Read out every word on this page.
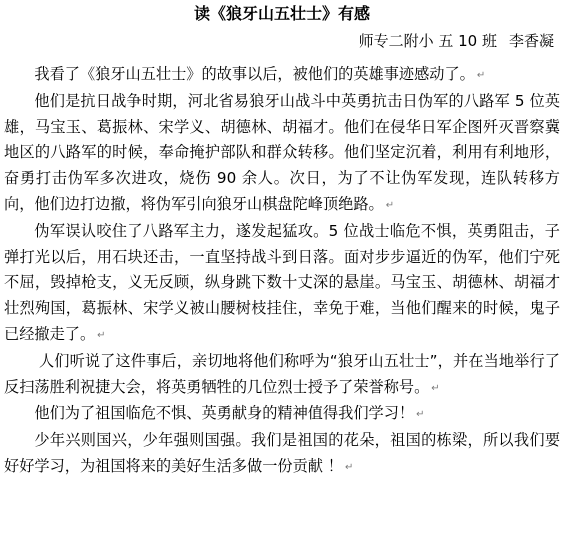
读《狼牙山五壮士》有感
师专二附小 五 10 班 李香凝

我看了《狼牙山五壮士》的故事以后，被他们的英雄事迹感动了。 ↵

他们是抗日战争时期，河北省易狼牙山战斗中英勇抗击日伪军的八路军 5 位英雄，马宝玉、葛振林、宋学义、胡德林、胡福才。他们在侵华日军企图歼灭晋察冀地区的八路军的时候，奉命掩护部队和群众转移。他们坚定沉着，利用有利地形，奋勇打击伪军多次进攻，烧伤 90 余人。次日，为了不让伪军发现，连队转移方向，他们边打边撤，将伪军引向狼牙山棋盘陀峰顶绝路。 ↵

伪军误认咬住了八路军主力，遂发起猛攻。5 位战士临危不惧，英勇阻击，子弹打光以后，用石块还击，一直坚持战斗到日落。面对步步逼近的伪军，他们宁死不屈，毁掉枪支，义无反顾，纵身跳下数十丈深的悬崖。马宝玉、胡德林、胡福才壮烈殉国，葛振林、宋学义被山腰树枝挂住，幸免于难，当他们醒来的时候，鬼子已经撤走了。 ↵

人们听说了这件事后，亲切地将他们称呼为“狼牙山五壮士”，并在当地举行了反扫荡胜利祝捷大会，将英勇牺牲的几位烈士授予了荣誉称号。 ↵

他们为了祖国临危不惧、英勇献身的精神值得我们学习！ ↵

少年兴则国兴，少年强则国强。我们是祖国的花朵，祖国的栋梁，所以我们要好好学习，为祖国将来的美好生活多做一份贡献 ！ ↵
